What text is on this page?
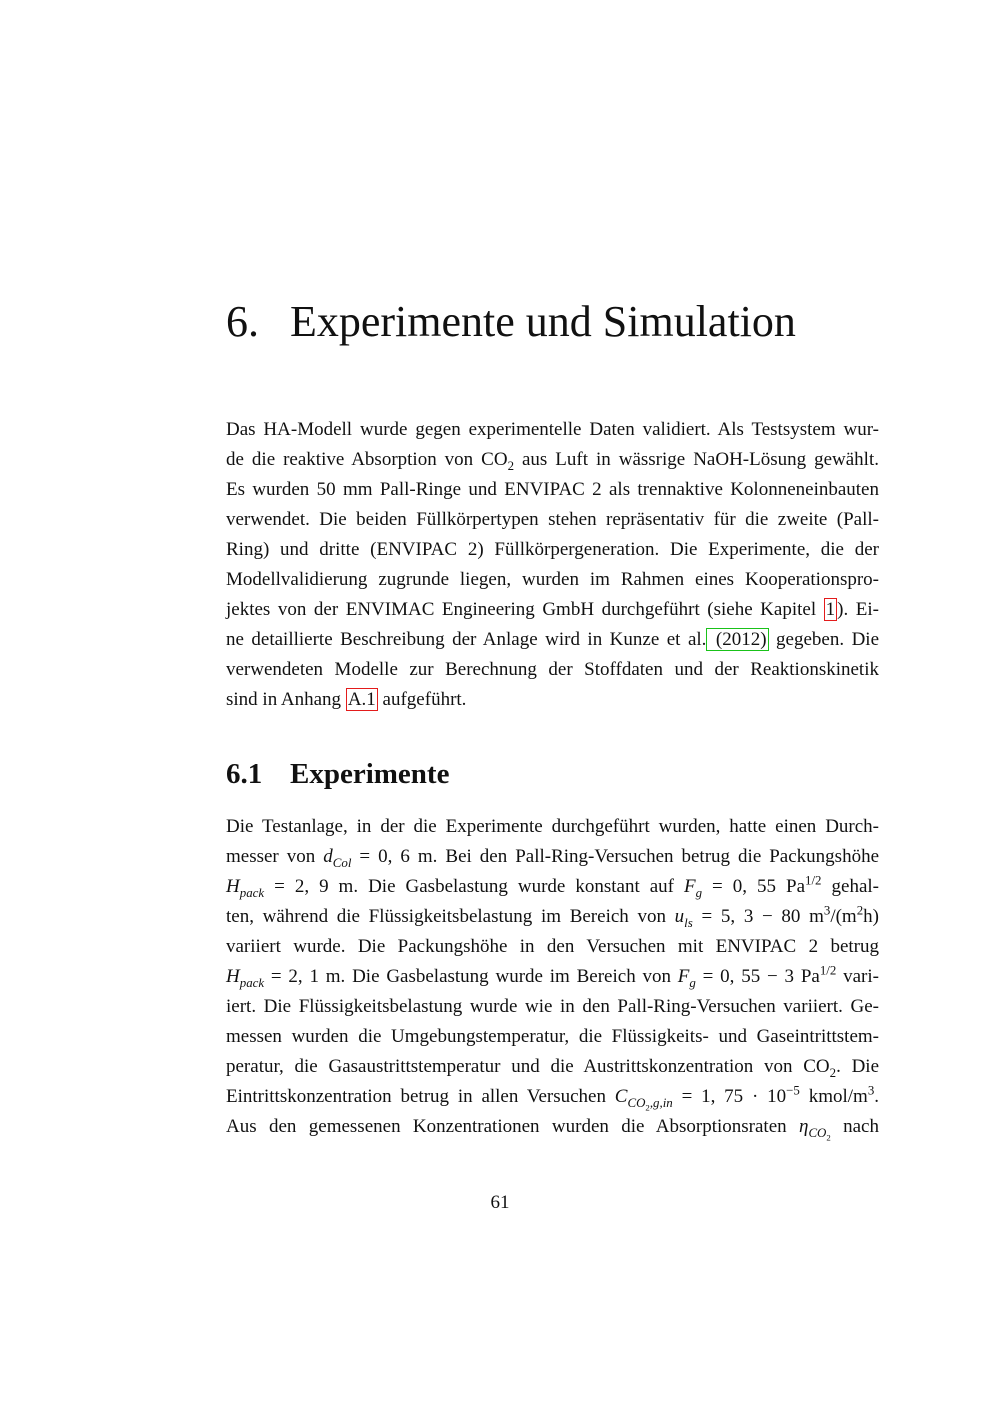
6. Experimente und Simulation
Das HA-Modell wurde gegen experimentelle Daten validiert. Als Testsystem wur-
de die reaktive Absorption von $CO_2$ aus Luft in wässrige NaOH-Lösung gewählt.
Es wurden 50 mm Pall-Ringe und ENVIPAC 2 als trennaktive Kolonneneinbauten
verwendet. Die beiden Füllkörpertypen stehen repräsentativ für die zweite (Pall-
Ring) und dritte (ENVIPAC 2) Füllkörpergeneration. Die Experimente, die der
Modellvalidierung zugrunde liegen, wurden im Rahmen eines Kooperationspro-
jektes von der ENVIMAC Engineering GmbH durchgeführt (siehe Kapitel 1 ). Ei-
ne detaillierte Beschreibung der Anlage wird in Kunze et al. (2012) gegeben. Die
verwendeten Modelle zur Berechnung der Stoffdaten und der Reaktionskinetik
sind in Anhang A.1 aufgeführt.
6.1 Experimente
Die Testanlage, in der die Experimente durchgeführt wurden, hatte einen Durch-
messer von $d_{Col} = 0$, 6 m. Bei den Pall-Ring-Versuchen betrug die Packungshöhe
$H_{pack} = 2$, 9 m. Die Gasbelastung wurde konstant auf $F_g = 0$, 55 $Pa^{1/2}$ gehal-
ten, während die Flüssigkeitsbelastung im Bereich von $u_{ls} = 5$, 3 − 80 $m^3/(m^2h)$
variiert wurde. Die Packungshöhe in den Versuchen mit ENVIPAC 2 betrug
$H_{pack} = 2$, 1 m. Die Gasbelastung wurde im Bereich von $F_g = 0$, 55 − 3 $Pa^{1/2}$ vari-
iert. Die Flüssigkeitsbelastung wurde wie in den Pall-Ring-Versuchen variiert. Ge-
messen wurden die Umgebungstemperatur, die Flüssigkeits- und Gaseintrittstem-
peratur, die Gasaustrittstemperatur und die Austrittskonzentration von $CO_2$. Die
Eintrittskonzentration betrug in allen Versuchen $C_{CO_2,g,in} = 1$, $75 \cdot 10^{-5}$ kmol/$m^3$.
Aus den gemessenen Konzentrationen wurden die Absorptionsraten $\eta_{CO_2}$ nach
61
